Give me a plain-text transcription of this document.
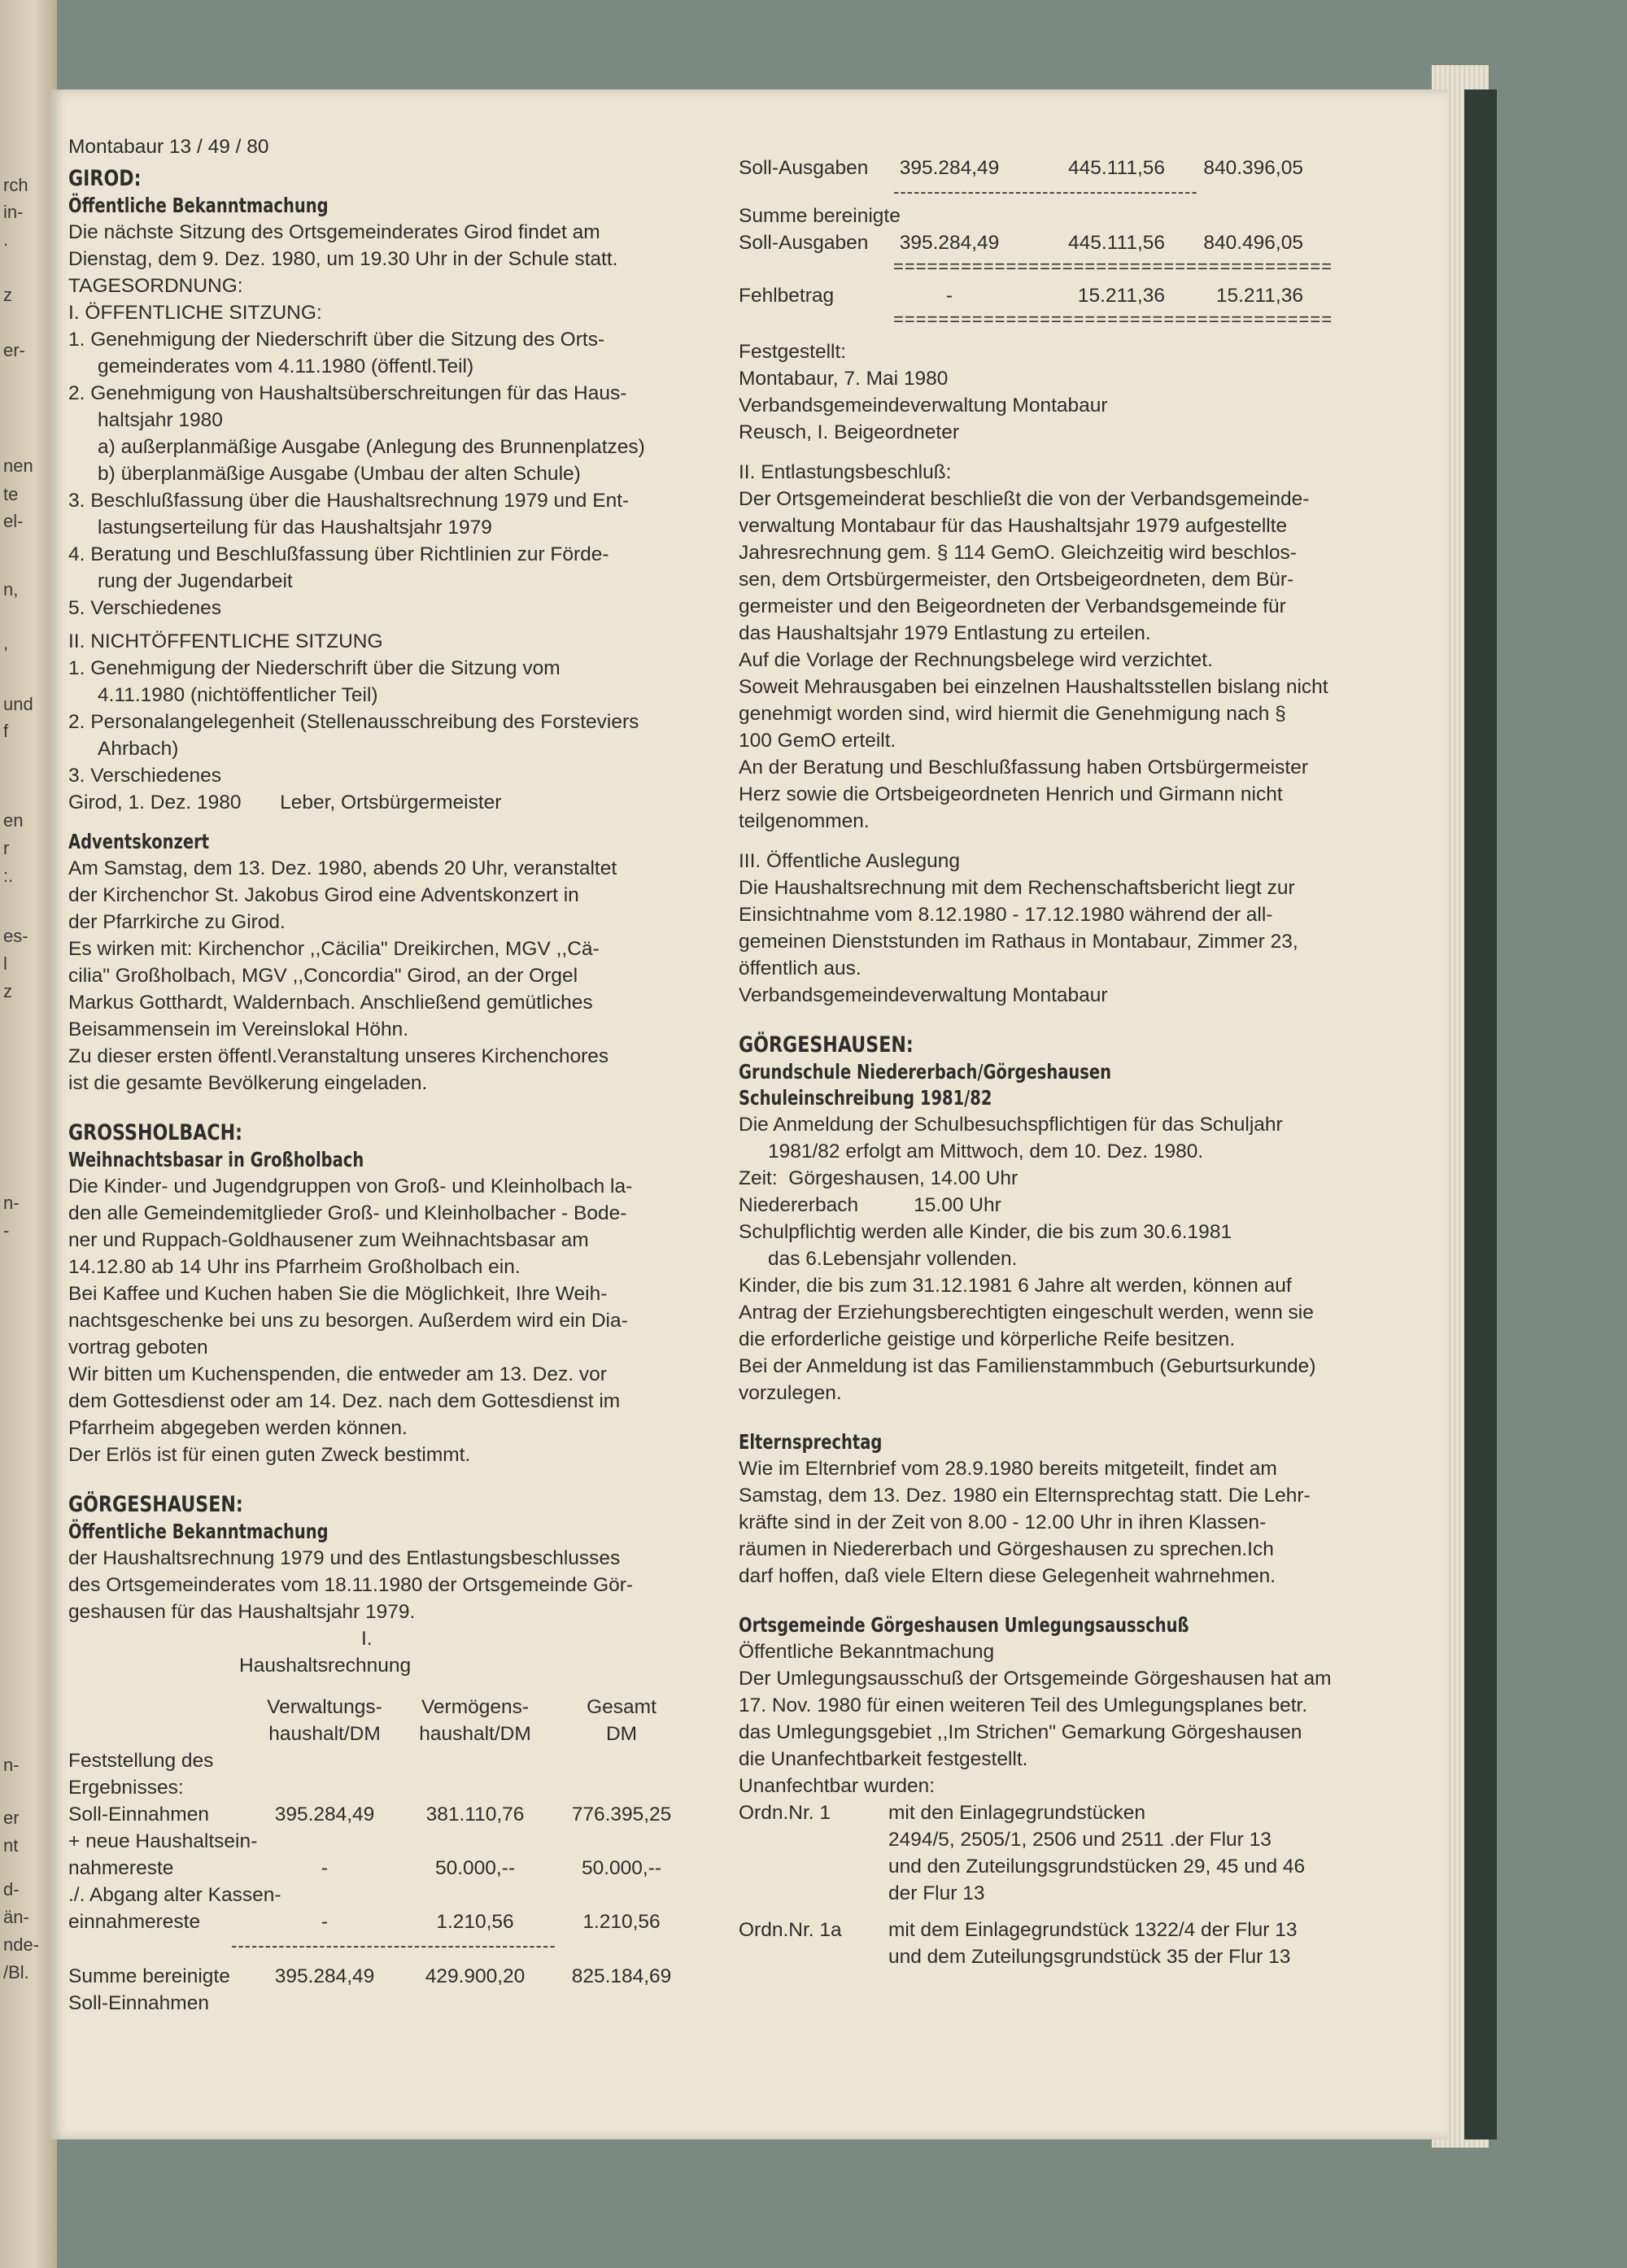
rch
in-
.
z
er-
nen
te
el-
n,
,
und
f
en
r
:.
es-
l
z
n-
-
n-
er
nt
d-
än-
nde-
/Bl.
Montabaur 13 / 49 / 80
GIROD:
Öffentliche Bekanntmachung
Die nächste Sitzung des Ortsgemeinderates Girod findet am
Dienstag, dem 9. Dez. 1980, um 19.30 Uhr in der Schule statt.
TAGESORDNUNG:
I. ÖFFENTLICHE SITZUNG:
1. Genehmigung der Niederschrift über die Sitzung des Orts-
gemeinderates vom 4.11.1980 (öffentl.Teil)
2. Genehmigung von Haushaltsüberschreitungen für das Haus-
haltsjahr 1980
a) außerplanmäßige Ausgabe (Anlegung des Brunnenplatzes)
b) überplanmäßige Ausgabe (Umbau der alten Schule)
3. Beschlußfassung über die Haushaltsrechnung 1979 und Ent-
lastungserteilung für das Haushaltsjahr 1979
4. Beratung und Beschlußfassung über Richtlinien zur Förde-
rung der Jugendarbeit
5. Verschiedenes
II. NICHTÖFFENTLICHE SITZUNG
1. Genehmigung der Niederschrift über die Sitzung vom
4.11.1980 (nichtöffentlicher Teil)
2. Personalangelegenheit (Stellenausschreibung des Forsteviers
Ahrbach)
3. Verschiedenes
Girod, 1. Dez. 1980       Leber, Ortsbürgermeister
Adventskonzert
Am Samstag, dem 13. Dez. 1980, abends 20 Uhr, veranstaltet
der Kirchenchor St. Jakobus Girod eine Adventskonzert in
der Pfarrkirche zu Girod.
Es wirken mit: Kirchenchor ,,Cäcilia" Dreikirchen, MGV ,,Cä-
cilia" Großholbach, MGV ,,Concordia" Girod, an der Orgel
Markus Gotthardt, Waldernbach. Anschließend gemütliches
Beisammensein im Vereinslokal Höhn.
Zu dieser ersten öffentl.Veranstaltung unseres Kirchenchores
ist die gesamte Bevölkerung eingeladen.
GROSSHOLBACH:
Weihnachtsbasar in Großholbach
Die Kinder- und Jugendgruppen von Groß- und Kleinholbach la-
den alle Gemeindemitglieder Groß- und Kleinholbacher - Bode-
ner und Ruppach-Goldhausener zum Weihnachtsbasar am
14.12.80 ab 14 Uhr ins Pfarrheim Großholbach ein.
Bei Kaffee und Kuchen haben Sie die Möglichkeit, Ihre Weih-
nachtsgeschenke bei uns zu besorgen. Außerdem wird ein Dia-
vortrag geboten
Wir bitten um Kuchenspenden, die entweder am 13. Dez. vor
dem Gottesdienst oder am 14. Dez. nach dem Gottesdienst im
Pfarrheim abgegeben werden können.
Der Erlös ist für einen guten Zweck bestimmt.
GÖRGESHAUSEN:
Öffentliche Bekanntmachung
der Haushaltsrechnung 1979 und des Entlastungsbeschlusses
des Ortsgemeinderates vom 18.11.1980 der Ortsgemeinde Gör-
geshausen für das Haushaltsjahr 1979.
I.
Haushaltsrechnung
Verwaltungs-	Vermögens-	Gesamt
haushalt/DM	haushalt/DM	DM
Feststellung des
Ergebnisses:
Soll-Einnahmen	395.284,49	381.110,76	776.395,25
+ neue Haushaltsein-
nahmereste	-	50.000,--	50.000,--
./. Abgang alter Kassen-
einnahmereste	-	1.210,56	1.210,56
------------------------------------------------
Summe bereinigte	395.284,49	429.900,20	825.184,69
Soll-Einnahmen
Soll-Ausgaben	395.284,49	445.111,56	840.396,05
---------------------------------------------
Summe bereinigte
Soll-Ausgaben	395.284,49	445.111,56	840.496,05
=======================================
Fehlbetrag	-	15.211,36	15.211,36
=======================================
Festgestellt:
Montabaur, 7. Mai 1980
Verbandsgemeindeverwaltung Montabaur
Reusch, I. Beigeordneter
II. Entlastungsbeschluß:
Der Ortsgemeinderat beschließt die von der Verbandsgemeinde-
verwaltung Montabaur für das Haushaltsjahr 1979 aufgestellte
Jahresrechnung gem. § 114 GemO. Gleichzeitig wird beschlos-
sen, dem Ortsbürgermeister, den Ortsbeigeordneten, dem Bür-
germeister und den Beigeordneten der Verbandsgemeinde für
das Haushaltsjahr 1979 Entlastung zu erteilen.
Auf die Vorlage der Rechnungsbelege wird verzichtet.
Soweit Mehrausgaben bei einzelnen Haushaltsstellen bislang nicht
genehmigt worden sind, wird hiermit die Genehmigung nach §
100 GemO erteilt.
An der Beratung und Beschlußfassung haben Ortsbürgermeister
Herz sowie die Ortsbeigeordneten Henrich und Girmann nicht
teilgenommen.
III. Öffentliche Auslegung
Die Haushaltsrechnung mit dem Rechenschaftsbericht liegt zur
Einsichtnahme vom 8.12.1980 - 17.12.1980 während der all-
gemeinen Dienststunden im Rathaus in Montabaur, Zimmer 23,
öffentlich aus.
Verbandsgemeindeverwaltung Montabaur
GÖRGESHAUSEN:
Grundschule Niedererbach/Görgeshausen
Schuleinschreibung 1981/82
Die Anmeldung der Schulbesuchspflichtigen für das Schuljahr
1981/82 erfolgt am Mittwoch, dem 10. Dez. 1980.
Zeit:  Görgeshausen, 14.00 Uhr
Niedererbach          15.00 Uhr
Schulpflichtig werden alle Kinder, die bis zum 30.6.1981
das 6.Lebensjahr vollenden.
Kinder, die bis zum 31.12.1981 6 Jahre alt werden, können auf
Antrag der Erziehungsberechtigten eingeschult werden, wenn sie
die erforderliche geistige und körperliche Reife besitzen.
Bei der Anmeldung ist das Familienstammbuch (Geburtsurkunde)
vorzulegen.
Elternsprechtag
Wie im Elternbrief vom 28.9.1980 bereits mitgeteilt, findet am
Samstag, dem 13. Dez. 1980 ein Elternsprechtag statt. Die Lehr-
kräfte sind in der Zeit von 8.00 - 12.00 Uhr in ihren Klassen-
räumen in Niedererbach und Görgeshausen zu sprechen.Ich
darf hoffen, daß viele Eltern diese Gelegenheit wahrnehmen.
Ortsgemeinde Görgeshausen Umlegungsausschuß
Öffentliche Bekanntmachung
Der Umlegungsausschuß der Ortsgemeinde Görgeshausen hat am
17. Nov. 1980 für einen weiteren Teil des Umlegungsplanes betr.
das Umlegungsgebiet ,,Im Strichen" Gemarkung Görgeshausen
die Unanfechtbarkeit festgestellt.
Unanfechtbar wurden:
Ordn.Nr. 1	mit den Einlagegrundstücken
2494/5, 2505/1, 2506 und 2511 .der Flur 13
und den Zuteilungsgrundstücken 29, 45 und 46
der Flur 13
Ordn.Nr. 1a	mit dem Einlagegrundstück 1322/4 der Flur 13
und dem Zuteilungsgrundstück 35 der Flur 13
